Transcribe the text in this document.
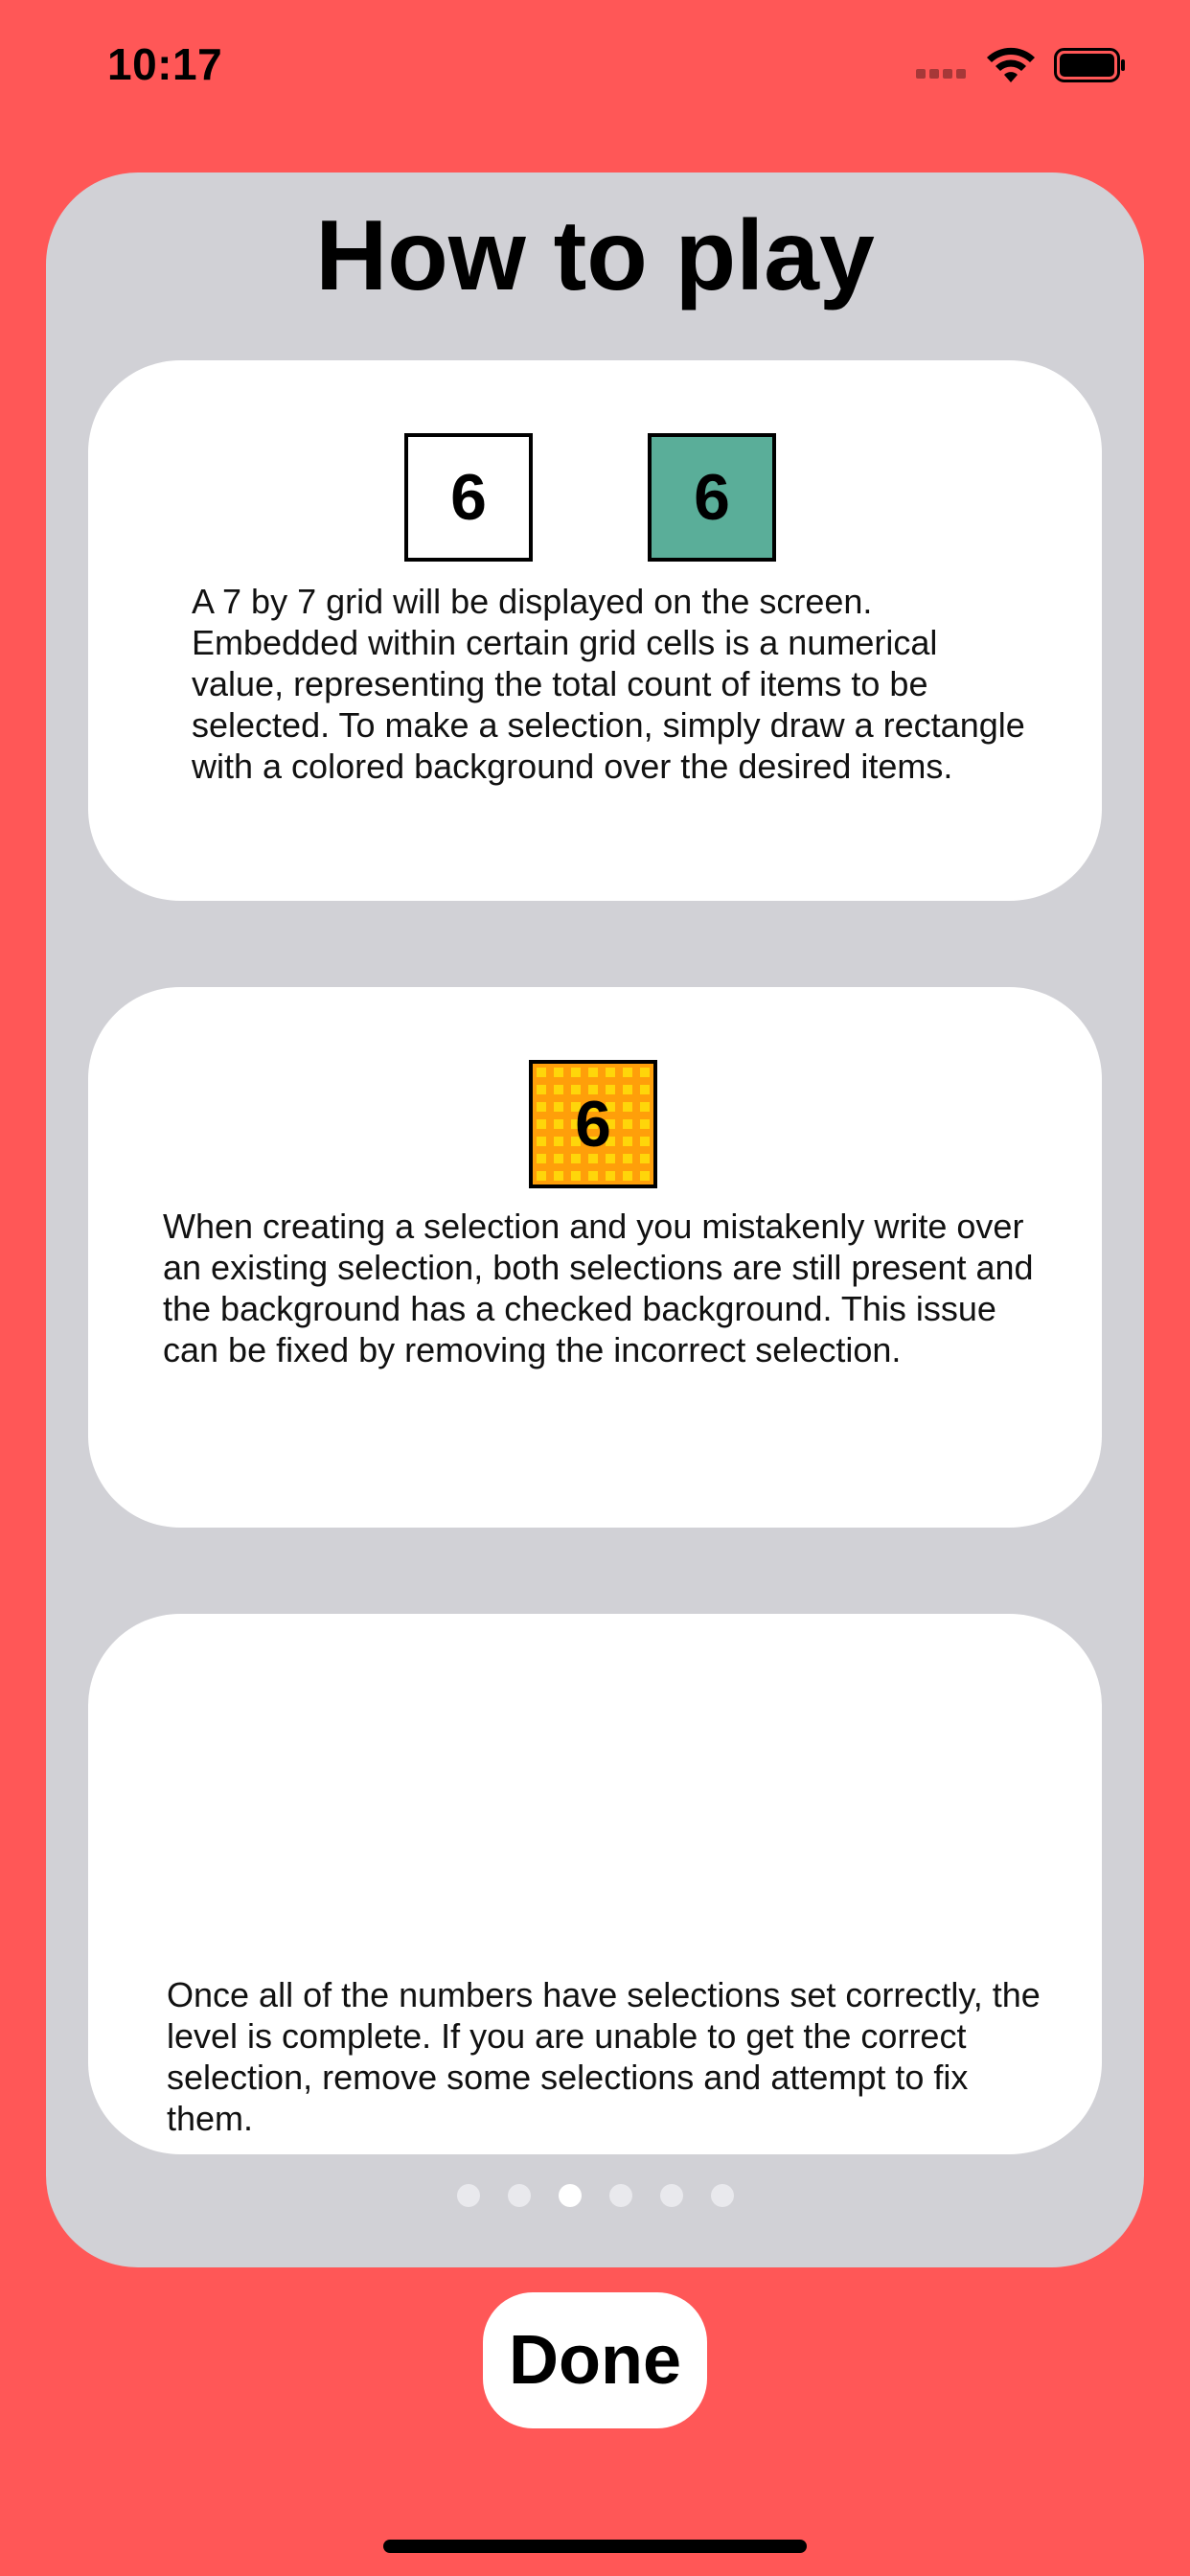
10:17
How to play
6	6
A 7 by 7 grid will be displayed on the screen. Embedded within certain grid cells is a numerical value, representing the total count of items to be selected. To make a selection, simply draw a rectangle with a colored background over the desired items.
6
When creating a selection and you mistakenly write over an existing selection, both selections are still present and the background has a checked background. This issue can be fixed by removing the incorrect selection.
Once all of the numbers have selections set correctly, the level is complete. If you are unable to get the correct selection, remove some selections and attempt to fix them.
Done
